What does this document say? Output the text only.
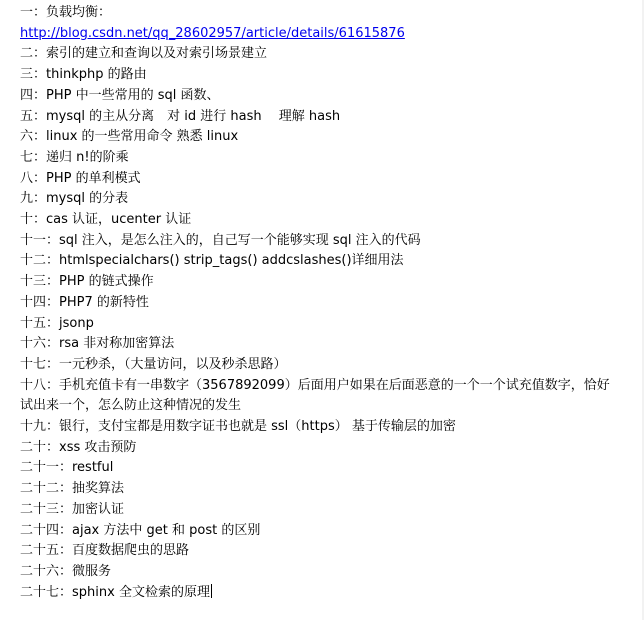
一：负载均衡：
http://blog.csdn.net/qq_28602957/article/details/61615876
二：索引的建立和查询以及对索引场景建立
三：thinkphp 的路由
四：PHP 中一些常用的 sql 函数、
五：mysql 的主从分离　对 id 进行 hash　 理解 hash
六：linux 的一些常用命令 熟悉 linux
七：递归 n!的阶乘
八：PHP 的单利模式
九：mysql 的分表
十：cas 认证，ucenter 认证
十一：sql 注入，是怎么注入的，自己写一个能够实现 sql 注入的代码
十二：htmlspecialchars() strip_tags() addcslashes()详细用法
十三：PHP 的链式操作
十四：PHP7 的新特性
十五：jsonp
十六：rsa 非对称加密算法
十七：一元秒杀，（大量访问，以及秒杀思路）
十八：手机充值卡有一串数字（3567892099）后面用户如果在后面恶意的一个一个试充值数字，恰好试出来一个，怎么防止这种情况的发生
十九：银行，支付宝都是用数字证书也就是 ssl（https） 基于传输层的加密
二十：xss 攻击预防
二十一：restful
二十二：抽奖算法
二十三：加密认证
二十四：ajax 方法中 get 和 post 的区别
二十五：百度数据爬虫的思路
二十六：微服务
二十七：sphinx 全文检索的原理
